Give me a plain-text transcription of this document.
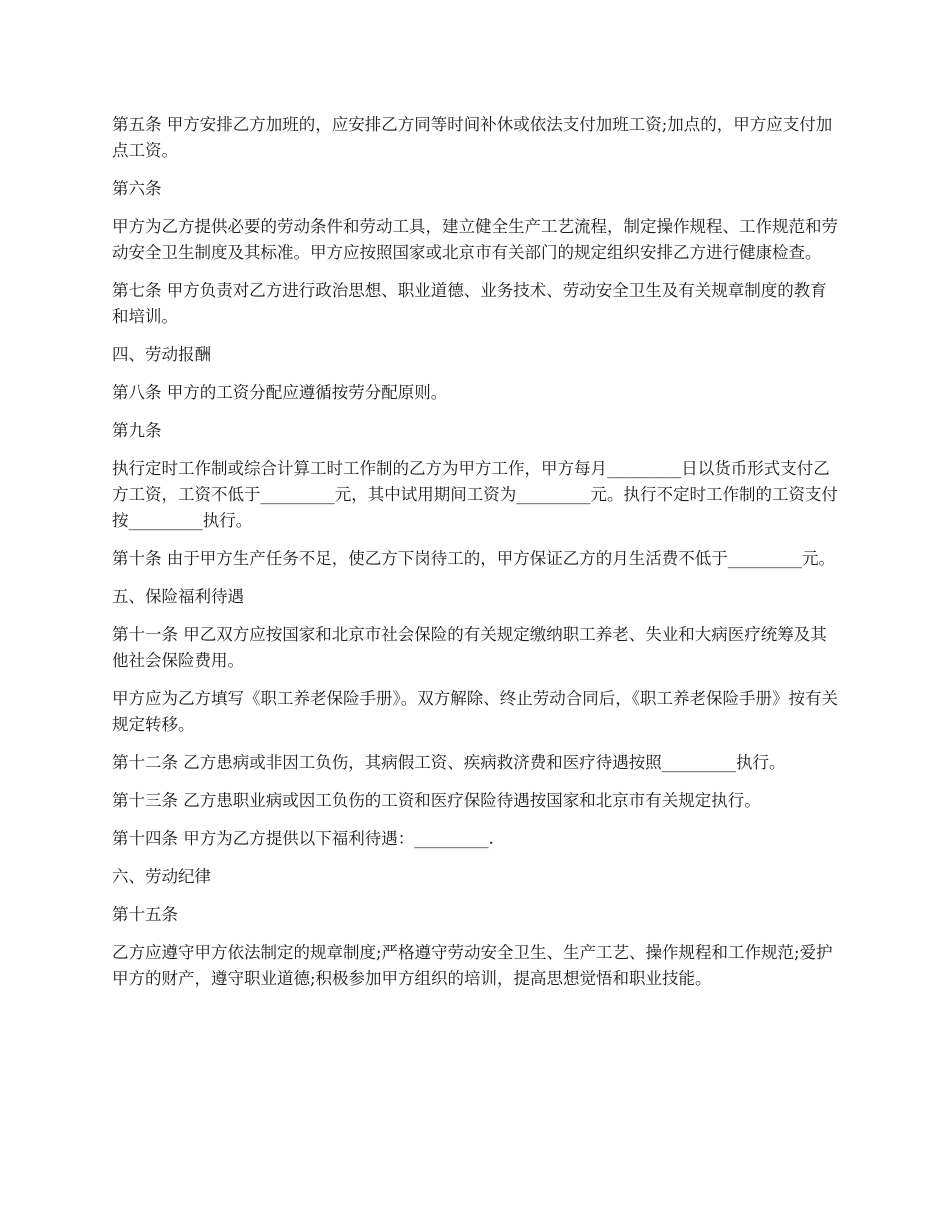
第五条 甲方安排乙方加班的，应安排乙方同等时间补休或依法支付加班工资;加点的，甲方应支付加点工资。

第六条

甲方为乙方提供必要的劳动条件和劳动工具，建立健全生产工艺流程，制定操作规程、工作规范和劳动安全卫生制度及其标准。甲方应按照国家或北京市有关部门的规定组织安排乙方进行健康检查。

第七条 甲方负责对乙方进行政治思想、职业道德、业务技术、劳动安全卫生及有关规章制度的教育和培训。

四、劳动报酬

第八条 甲方的工资分配应遵循按劳分配原则。

第九条

执行定时工作制或综合计算工时工作制的乙方为甲方工作，甲方每月_________日以货币形式支付乙方工资，工资不低于_________元，其中试用期间工资为_________元。执行不定时工作制的工资支付按_________执行。

第十条 由于甲方生产任务不足，使乙方下岗待工的，甲方保证乙方的月生活费不低于_________元。

五、保险福利待遇

第十一条 甲乙双方应按国家和北京市社会保险的有关规定缴纳职工养老、失业和大病医疗统筹及其他社会保险费用。

甲方应为乙方填写《职工养老保险手册》。双方解除、终止劳动合同后，《职工养老保险手册》按有关规定转移。

第十二条 乙方患病或非因工负伤，其病假工资、疾病救济费和医疗待遇按照_________执行。

第十三条 乙方患职业病或因工负伤的工资和医疗保险待遇按国家和北京市有关规定执行。

第十四条 甲方为乙方提供以下福利待遇：_________.

六、劳动纪律

第十五条

乙方应遵守甲方依法制定的规章制度;严格遵守劳动安全卫生、生产工艺、操作规程和工作规范;爱护甲方的财产，遵守职业道德;积极参加甲方组织的培训，提高思想觉悟和职业技能。
